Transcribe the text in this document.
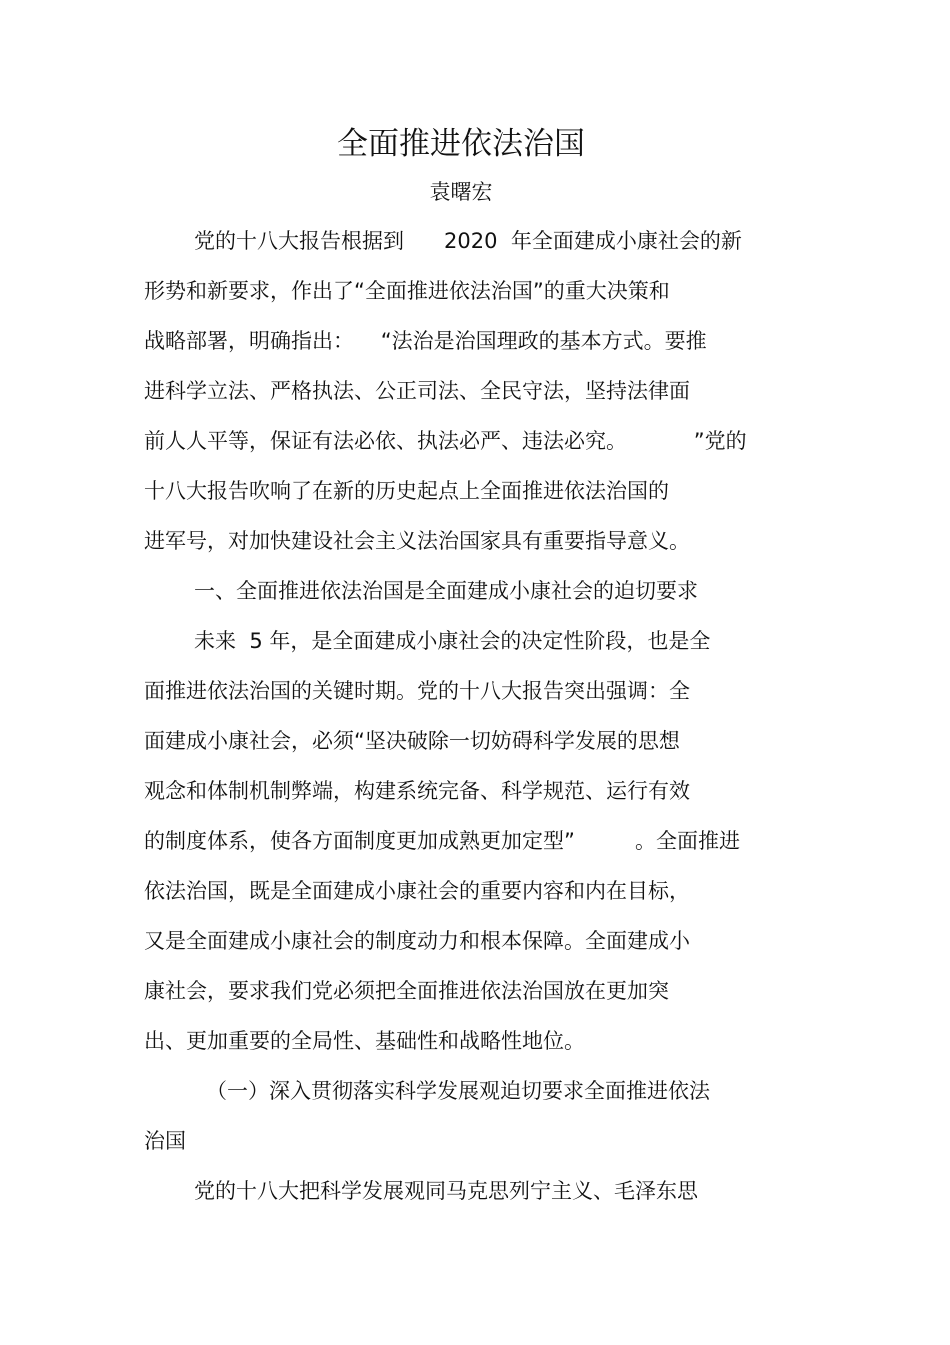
全面推进依法治国
袁曙宏
党的十八大报告根据到      2020  年全面建成小康社会的新
形势和新要求，作出了“全面推进依法治国”的重大决策和
战略部署，明确指出：    “法治是治国理政的基本方式。要推
进科学立法、严格执法、公正司法、全民守法，坚持法律面
前人人平等，保证有法必依、执法必严、违法必究。          ”党的
十八大报告吹响了在新的历史起点上全面推进依法治国的
进军号，对加快建设社会主义法治国家具有重要指导意义。
一、全面推进依法治国是全面建成小康社会的迫切要求
未来  5 年，是全面建成小康社会的决定性阶段，也是全
面推进依法治国的关键时期。党的十八大报告突出强调：全
面建成小康社会，必须“坚决破除一切妨碍科学发展的思想
观念和体制机制弊端，构建系统完备、科学规范、运行有效
的制度体系，使各方面制度更加成熟更加定型”         。全面推进
依法治国，既是全面建成小康社会的重要内容和内在目标，
又是全面建成小康社会的制度动力和根本保障。全面建成小
康社会，要求我们党必须把全面推进依法治国放在更加突
出、更加重要的全局性、基础性和战略性地位。
（一）深入贯彻落实科学发展观迫切要求全面推进依法
治国
党的十八大把科学发展观同马克思列宁主义、毛泽东思
